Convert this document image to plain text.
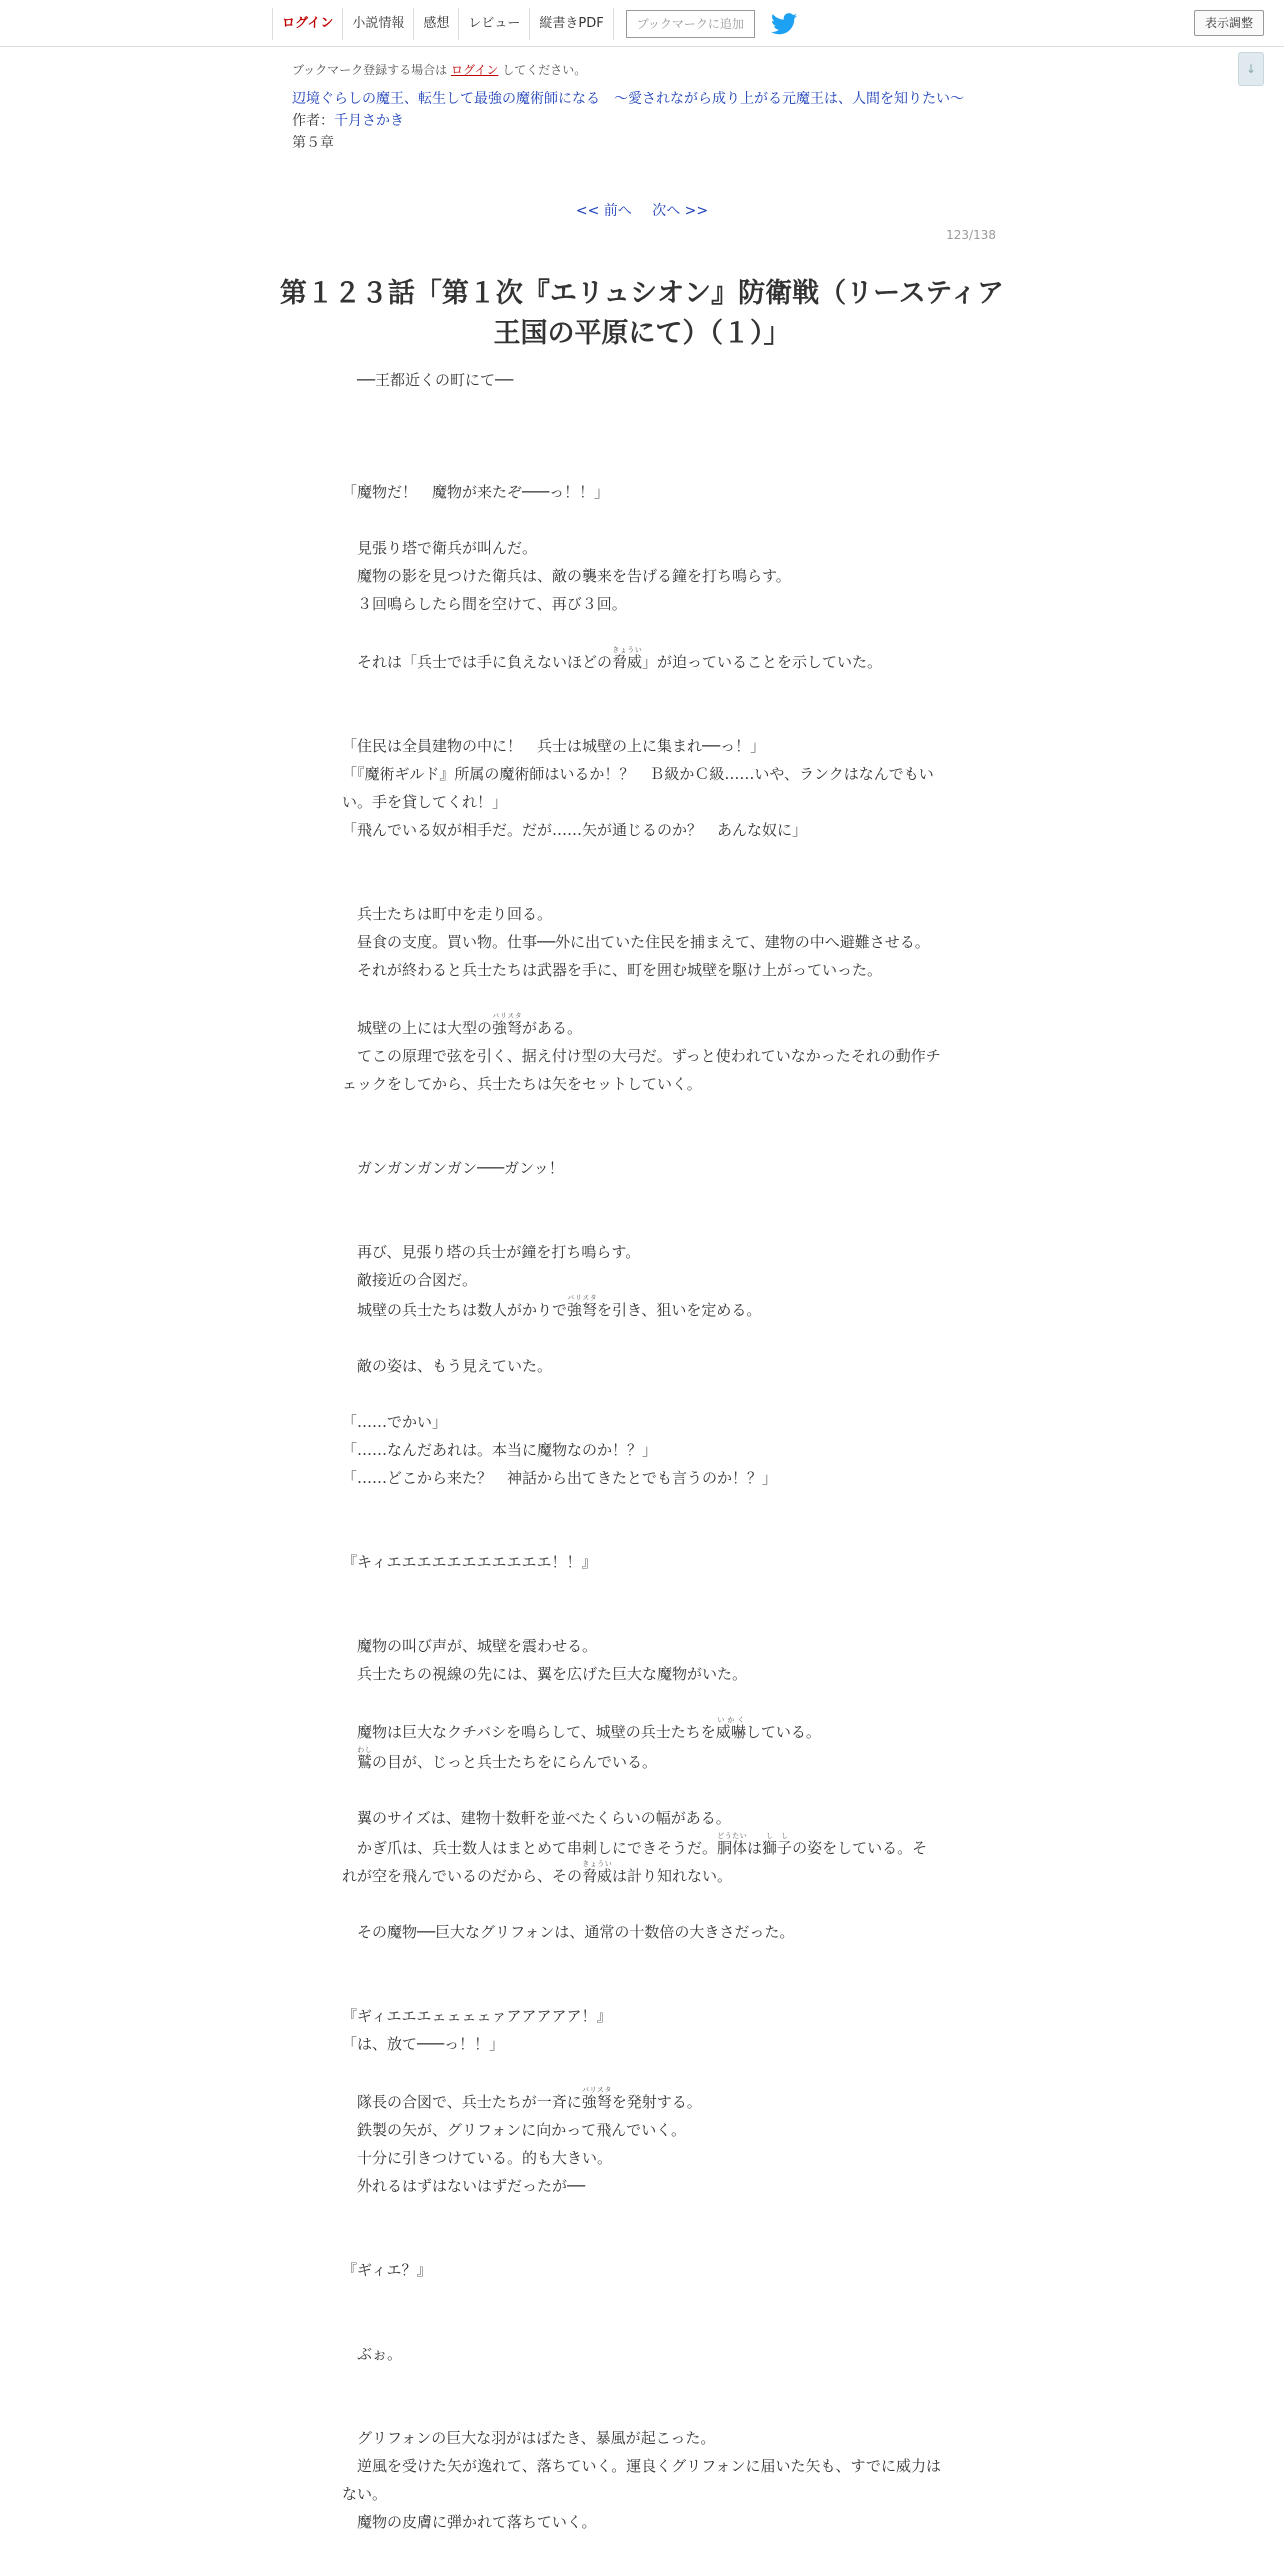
ログイン	小説情報	感想	レビュー	縦書きPDF	ブックマークに追加	表示調整
↓
ブックマーク登録する場合は ログイン してください。
辺境ぐらしの魔王、転生して最強の魔術師になる　〜愛されながら成り上がる元魔王は、人間を知りたい〜
作者：千月さかき
第５章
<< 前へ 次へ >>
123/138
第１２３話「第１次『エリュシオン』防衛戦（リースティア王国の平原にて）（１）」

　──王都近くの町にて──

「魔物だ！　魔物が来たぞ───っ！！」

　見張り塔で衛兵が叫んだ。

　魔物の影を見つけた衛兵は、敵の襲来を告げる鐘を打ち鳴らす。

　３回鳴らしたら間を空けて、再び３回。

　それは「兵士では手に負えないほどの脅威きょうい」が迫っていることを示していた。

「住民は全員建物の中に！　兵士は城壁の上に集まれ──っ！」

「『魔術ギルド』所属の魔術師はいるか！？　Ｂ級かＣ級……いや、ランクはなんでもいい。手を貸してくれ！」

「飛んでいる奴が相手だ。だが……矢が通じるのか？　あんな奴に」

　兵士たちは町中を走り回る。

　昼食の支度。買い物。仕事──外に出ていた住民を捕まえて、建物の中へ避難させる。

　それが終わると兵士たちは武器を手に、町を囲む城壁を駆け上がっていった。

　城壁の上には大型の強弩バリスタがある。

　てこの原理で弦を引く、据え付け型の大弓だ。ずっと使われていなかったそれの動作チェックをしてから、兵士たちは矢をセットしていく。

　ガンガンガンガン───ガンッ！

　再び、見張り塔の兵士が鐘を打ち鳴らす。

　敵接近の合図だ。

　城壁の兵士たちは数人がかりで強弩バリスタを引き、狙いを定める。

　敵の姿は、もう見えていた。

「……でかい」

「……なんだあれは。本当に魔物なのか！？」

「……どこから来た？　神話から出てきたとでも言うのか！？」

『キィエエエエエエエエエエエ！！』

　魔物の叫び声が、城壁を震わせる。

　兵士たちの視線の先には、翼を広げた巨大な魔物がいた。

　魔物は巨大なクチバシを鳴らして、城壁の兵士たちを威嚇いかくしている。

　鷲わしの目が、じっと兵士たちをにらんでいる。

　翼のサイズは、建物十数軒を並べたくらいの幅がある。

　かぎ爪は、兵士数人はまとめて串刺しにできそうだ。胴体どうたいは獅子ししの姿をしている。それが空を飛んでいるのだから、その脅威きょういは計り知れない。

　その魔物──巨大なグリフォンは、通常の十数倍の大きさだった。

『ギィエエエェェェェァアアアアア！』

「は、放て───っ！！」

　隊長の合図で、兵士たちが一斉に強弩バリスタを発射する。

　鉄製の矢が、グリフォンに向かって飛んでいく。

　十分に引きつけている。的も大きい。

　外れるはずはないはずだったが──

『ギィエ？』

　ぶぉ。

　グリフォンの巨大な羽がはばたき、暴風が起こった。

　逆風を受けた矢が逸れて、落ちていく。運良くグリフォンに届いた矢も、すでに威力はない。

　魔物の皮膚に弾かれて落ちていく。
